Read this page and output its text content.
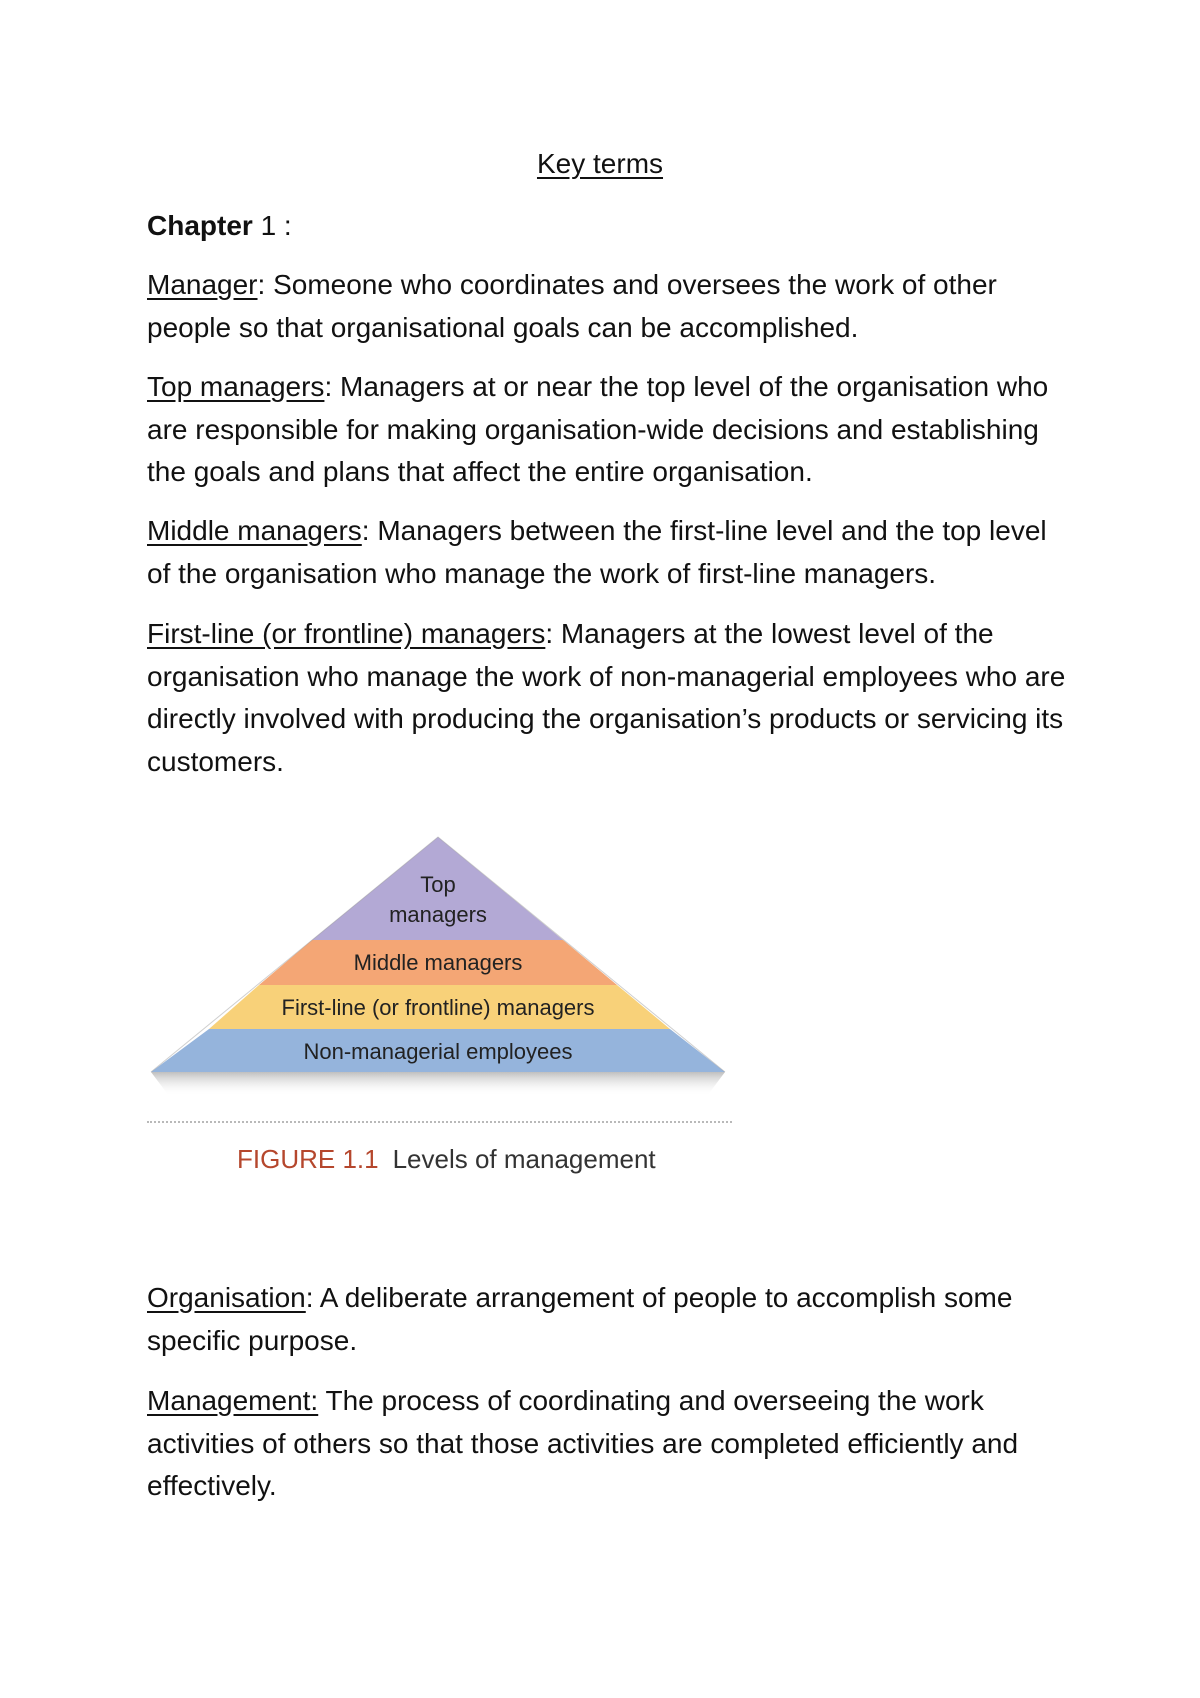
Key terms

Chapter 1 :

Manager: Someone who coordinates and oversees the work of other people so that organisational goals can be accomplished.

Top managers: Managers at or near the top level of the organisation who are responsible for making organisation-wide decisions and establishing the goals and plans that affect the entire organisation.

Middle managers: Managers between the first-line level and the top level of the organisation who manage the work of first-line managers.

First-line (or frontline) managers: Managers at the lowest level of the organisation who manage the work of non-managerial employees who are directly involved with producing the organisation’s products or servicing its customers.

Top
managers
Middle managers
First-line (or frontline) managers
Non-managerial employees

FIGURE 1.1 Levels of management

Organisation: A deliberate arrangement of people to accomplish some specific purpose.

Management: The process of coordinating and overseeing the work activities of others so that those activities are completed efficiently and effectively.
